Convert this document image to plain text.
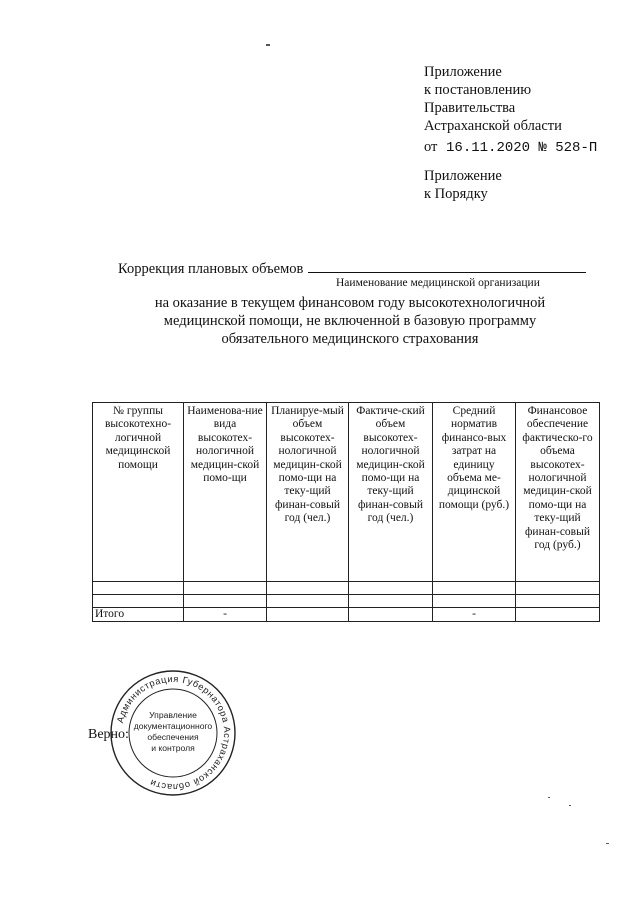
Приложение
к постановлению
Правительства
Астраханской области
от 16.11.2020 № 528-П
Приложение
к Порядку
Коррекция плановых объемов
Наименование медицинской организации
на оказание в текущем финансовом году высокотехнологичной
медицинской помощи, не включенной в базовую программу
обязательного медицинского страхования
№ группы высокотехно-логичной медицинской помощи	Наименова-ние вида высокотех-нологичной медицин-ской помо-щи	Планируе-мый объем высокотех-нологичной медицин-ской помо-щи на теку-щий финан-совый год (чел.)	Фактиче-ский объем высокотех-нологичной медицин-ской помо-щи на теку-щий финан-совый год (чел.)	Средний норматив финансо-вых затрат на единицу объема ме-дицинской помощи (руб.)	Финансовое обеспечение фактическо-го объема высокотех-нологичной медицин-ской помо-щи на теку-щий финан-совый год (руб.)

Итого	-			-	
Верно:
Администрация Губернатора Астраханской области
Управление
документационного
обеспечения
и контроля
